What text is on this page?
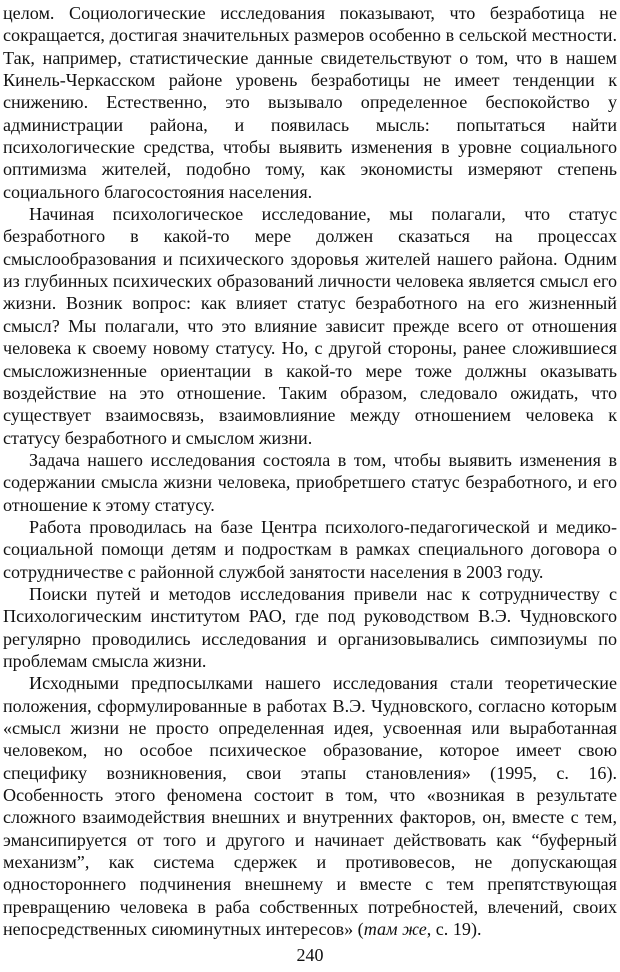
целом. Социологические исследования показывают, что безработица не сокращается, достигая значительных размеров особенно в сельской местности. Так, например, статистические данные свидетельствуют о том, что в нашем Кинель-Черкасском районе уровень безработицы не имеет тенденции к снижению. Естественно, это вызывало определенное беспокойство у администрации района, и появилась мысль: попытаться найти психологические средства, чтобы выявить изменения в уровне социального оптимизма жителей, подобно тому, как экономисты измеряют степень социального благосостояния населения.

Начиная психологическое исследование, мы полагали, что статус безработного в какой-то мере должен сказаться на процессах смыслообразования и психического здоровья жителей нашего района. Одним из глубинных психических образований личности человека является смысл его жизни. Возник вопрос: как влияет статус безработного на его жизненный смысл? Мы полагали, что это влияние зависит прежде всего от отношения человека к своему новому статусу. Но, с другой стороны, ранее сложившиеся смысложизненные ориентации в какой-то мере тоже должны оказывать воздействие на это отношение. Таким образом, следовало ожидать, что существует взаимосвязь, взаимовлияние между отношением человека к статусу безработного и смыслом жизни.

Задача нашего исследования состояла в том, чтобы выявить изменения в содержании смысла жизни человека, приобретшего статус безработного, и его отношение к этому статусу.

Работа проводилась на базе Центра психолого-педагогической и медико-социальной помощи детям и подросткам в рамках специального договора о сотрудничестве с районной службой занятости населения в 2003 году.

Поиски путей и методов исследования привели нас к сотрудничеству с Психологическим институтом РАО, где под руководством В.Э. Чудновского регулярно проводились исследования и организовывались симпозиумы по проблемам смысла жизни.

Исходными предпосылками нашего исследования стали теоретические положения, сформулированные в работах В.Э. Чудновского, согласно которым «смысл жизни не просто определенная идея, усвоенная или выработанная человеком, но особое психическое образование, которое имеет свою специфику возникновения, свои этапы становления» (1995, с. 16). Особенность этого феномена состоит в том, что «возникая в результате сложного взаимодействия внешних и внутренних факторов, он, вместе с тем, эмансипируется от того и другого и начинает действовать как “буферный механизм”, как система сдержек и противовесов, не допускающая одностороннего подчинения внешнему и вместе с тем препятствующая превращению человека в раба собственных потребностей, влечений, своих непосредственных сиюминутных интересов» (там же, с. 19).

240
